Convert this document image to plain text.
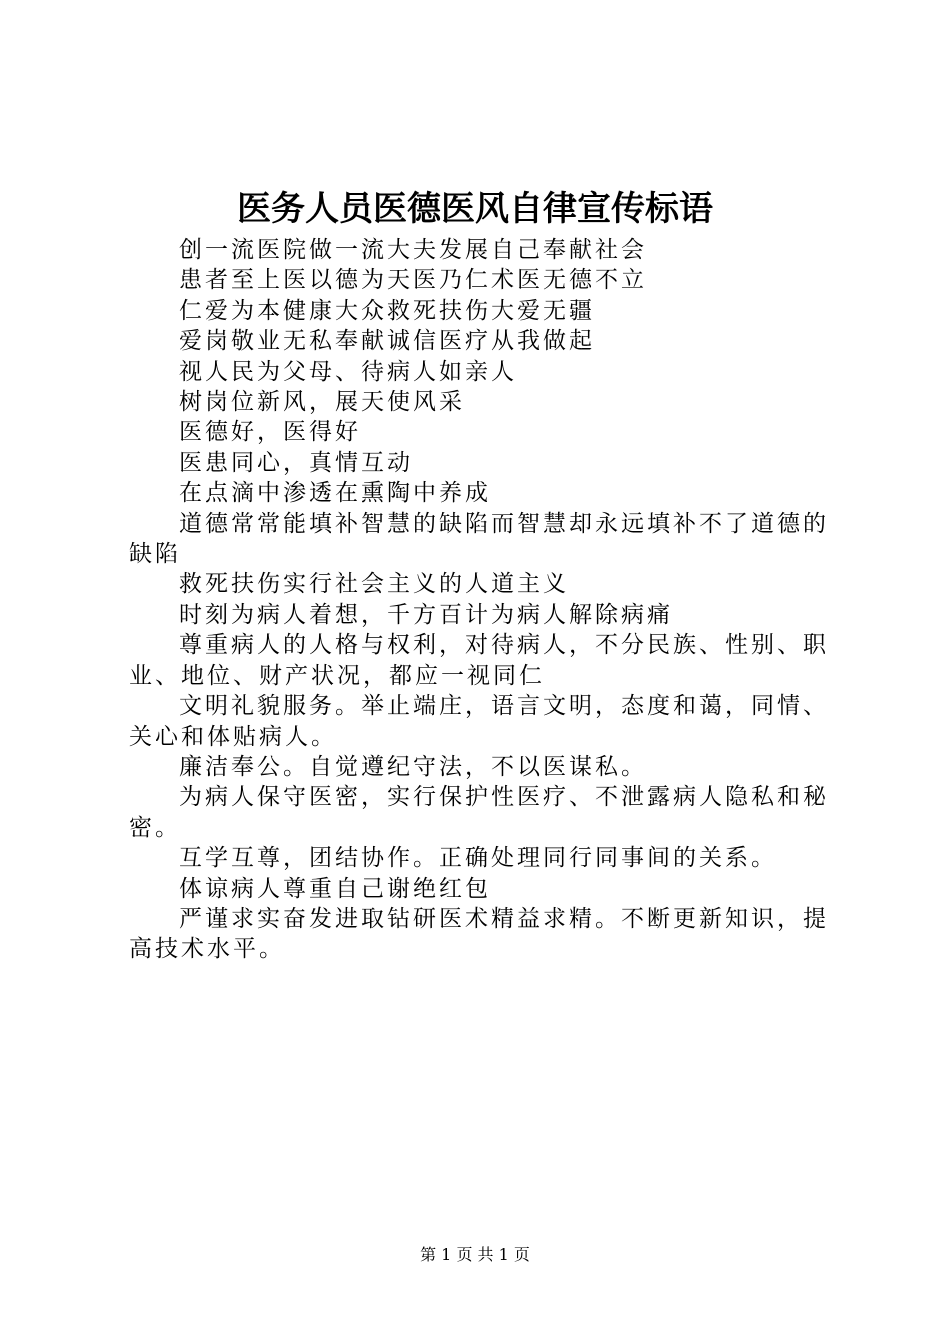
医务人员医德医风自律宣传标语

创一流医院做一流大夫发展自己奉献社会

患者至上医以德为天医乃仁术医无德不立

仁爱为本健康大众救死扶伤大爱无疆

爱岗敬业无私奉献诚信医疗从我做起

视人民为父母、待病人如亲人

树岗位新风，展天使风采

医德好，医得好

医患同心，真情互动

在点滴中渗透在熏陶中养成

道德常常能填补智慧的缺陷而智慧却永远填补不了道德的缺陷

救死扶伤实行社会主义的人道主义

时刻为病人着想，千方百计为病人解除病痛

尊重病人的人格与权利，对待病人，不分民族、性别、职业、地位、财产状况，都应一视同仁

文明礼貌服务。举止端庄，语言文明，态度和蔼，同情、关心和体贴病人。

廉洁奉公。自觉遵纪守法，不以医谋私。

为病人保守医密，实行保护性医疗、不泄露病人隐私和秘密。

互学互尊，团结协作。正确处理同行同事间的关系。

体谅病人尊重自己谢绝红包

严谨求实奋发进取钻研医术精益求精。不断更新知识，提高技术水平。

第 1 页 共 1 页
